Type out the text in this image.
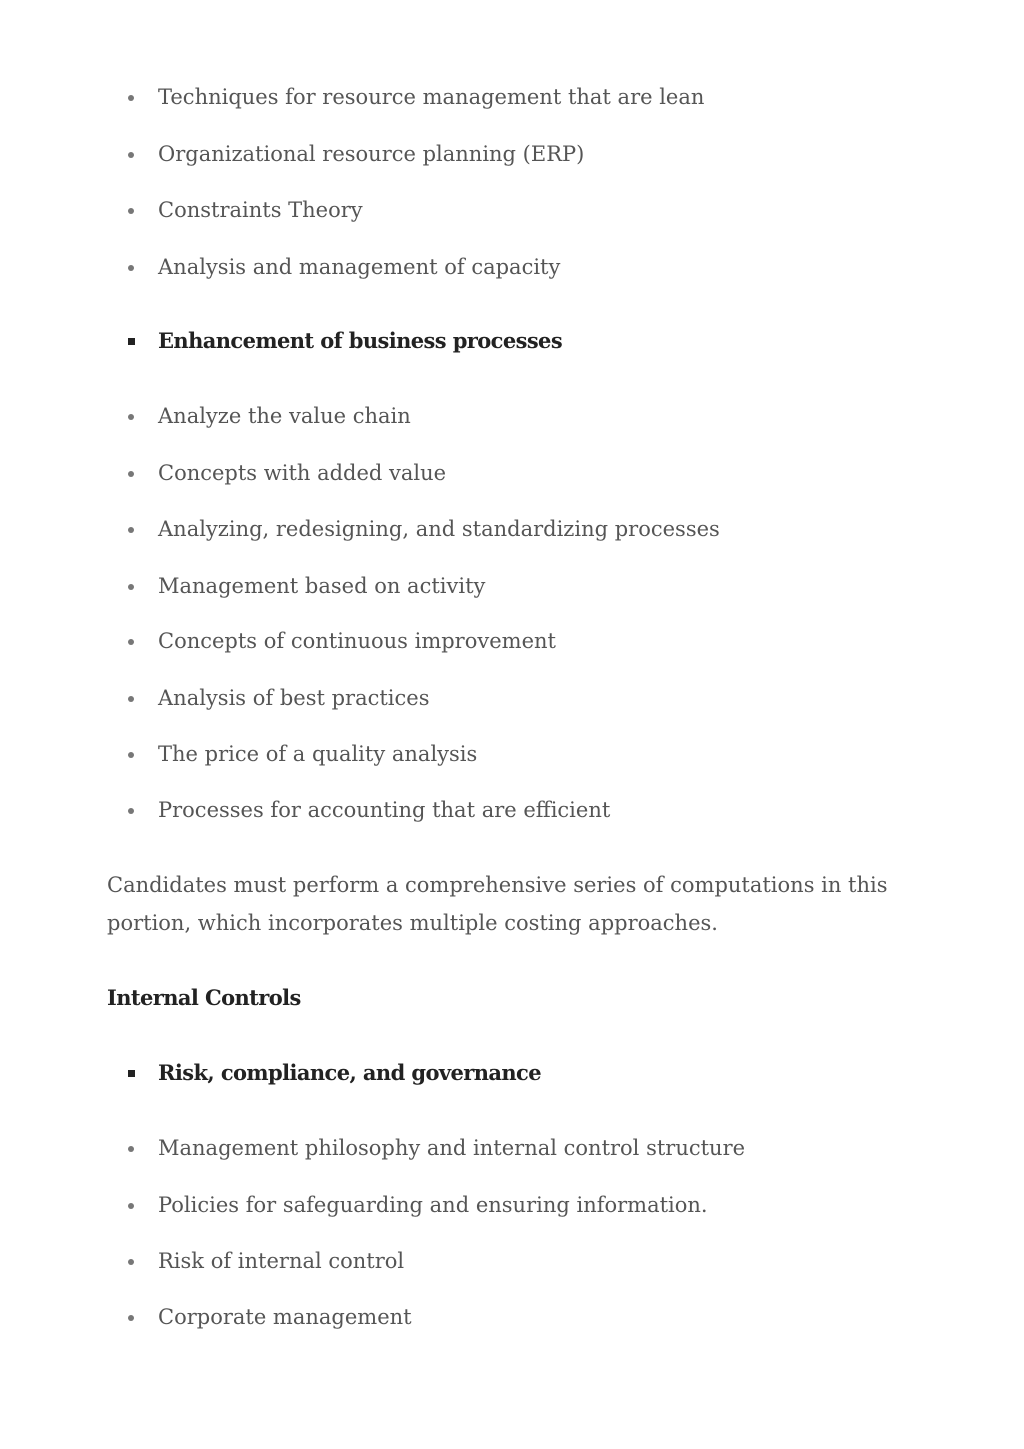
Techniques for resource management that are lean
Organizational resource planning (ERP)
Constraints Theory
Analysis and management of capacity
Enhancement of business processes
Analyze the value chain
Concepts with added value
Analyzing, redesigning, and standardizing processes
Management based on activity
Concepts of continuous improvement
Analysis of best practices
The price of a quality analysis
Processes for accounting that are efficient

Candidates must perform a comprehensive series of computations in this portion, which incorporates multiple costing approaches.

Internal Controls
Risk, compliance, and governance
Management philosophy and internal control structure
Policies for safeguarding and ensuring information.
Risk of internal control
Corporate management
